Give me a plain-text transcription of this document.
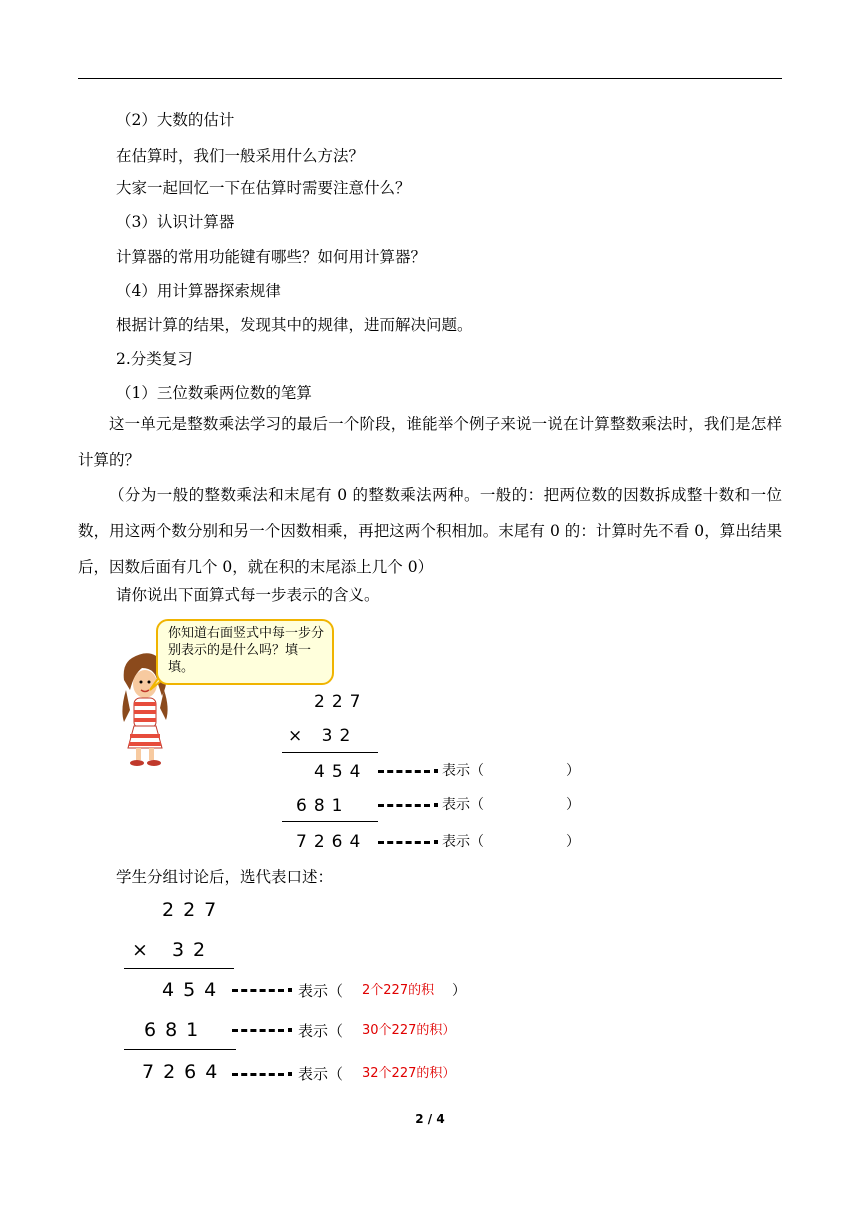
（2）大数的估计
在估算时，我们一般采用什么方法？
大家一起回忆一下在估算时需要注意什么？
（3）认识计算器
计算器的常用功能键有哪些？如何用计算器？
（4）用计算器探索规律
根据计算的结果，发现其中的规律，进而解决问题。
2.分类复习
（1）三位数乘两位数的笔算
这一单元是整数乘法学习的最后一个阶段，谁能举个例子来说一说在计算整数乘法时，我们是怎样计算的？
（分为一般的整数乘法和末尾有 0 的整数乘法两种。一般的：把两位数的因数拆成整十数和一位数，用这两个数分别和另一个因数相乘，再把这两个积相加。末尾有 0 的：计算时先不看 0，算出结果后，因数后面有几个 0，就在积的末尾添上几个 0）
请你说出下面算式每一步表示的含义。
你知道右面竖式中每一步分别表示的是什么吗？填一填。
227
× 32
454	表示（	）
681	表示（	）
7264	表示（	）
学生分组讨论后，选代表口述：
227
× 32
454	表示（ 2个227的积 ）
681	表示（ 30个227的积）
7264	表示（ 32个227的积）
2 / 4
